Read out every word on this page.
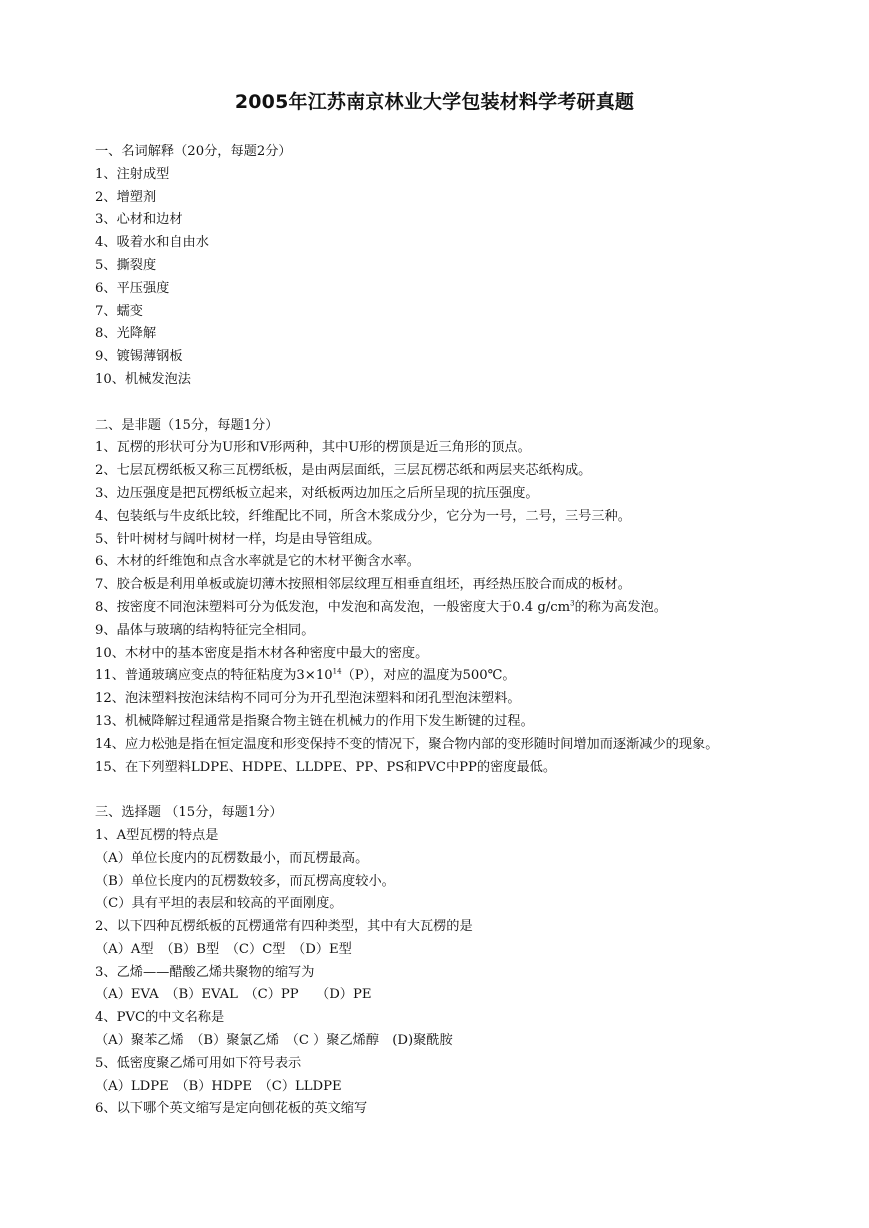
2005年江苏南京林业大学包装材料学考研真题
一、名词解释（20分，每题2分）
1、注射成型
2、增塑剂
3、心材和边材
4、吸着水和自由水
5、撕裂度
6、平压强度
7、蠕变
8、光降解
9、镀锡薄钢板
10、机械发泡法
二、是非题（15分，每题1分）
1、瓦楞的形状可分为U形和V形两种，其中U形的楞顶是近三角形的顶点。
2、七层瓦楞纸板又称三瓦楞纸板，是由两层面纸，三层瓦楞芯纸和两层夹芯纸构成。
3、边压强度是把瓦楞纸板立起来，对纸板两边加压之后所呈现的抗压强度。
4、包装纸与牛皮纸比较，纤维配比不同，所含木浆成分少，它分为一号，二号，三号三种。
5、针叶树材与阔叶树材一样，均是由导管组成。
6、木材的纤维饱和点含水率就是它的木材平衡含水率。
7、胶合板是利用单板或旋切薄木按照相邻层纹理互相垂直组坯，再经热压胶合而成的板材。
8、按密度不同泡沫塑料可分为低发泡，中发泡和高发泡，一般密度大于0.4 $g/cm^3$的称为高发泡。
9、晶体与玻璃的结构特征完全相同。
10、木材中的基本密度是指木材各种密度中最大的密度。
11、普通玻璃应变点的特征粘度为$3\times 10^{14}(P)$，对应的温度为500℃。
12、泡沫塑料按泡沫结构不同可分为开孔型泡沫塑料和闭孔型泡沫塑料。
13、机械降解过程通常是指聚合物主链在机械力的作用下发生断键的过程。
14、应力松弛是指在恒定温度和形变保持不变的情况下，聚合物内部的变形随时间增加而逐渐减少的现象。
15、在下列塑料LDPE、HDPE、LLDPE、PP、PS和PVC中PP的密度最低。
三、选择题 （15分，每题1分）
1、A型瓦楞的特点是
（A）单位长度内的瓦楞数最小，而瓦楞最高。
（B）单位长度内的瓦楞数较多，而瓦楞高度较小。
（C）具有平坦的表层和较高的平面刚度。
2、以下四种瓦楞纸板的瓦楞通常有四种类型，其中有大瓦楞的是
（A）A型　（B）B型　（C）C型　（D）E型
3、乙烯——醋酸乙烯共聚物的缩写为
（A）EVA　（B）EVAL　（C）PP　 （D）PE
4、PVC的中文名称是
（A）聚苯乙烯　（B）聚氯乙烯　（C ）聚乙烯醇　(D)聚酰胺
5、低密度聚乙烯可用如下符号表示
（A）LDPE　（B）HDPE　（C）LLDPE
6、以下哪个英文缩写是定向刨花板的英文缩写
